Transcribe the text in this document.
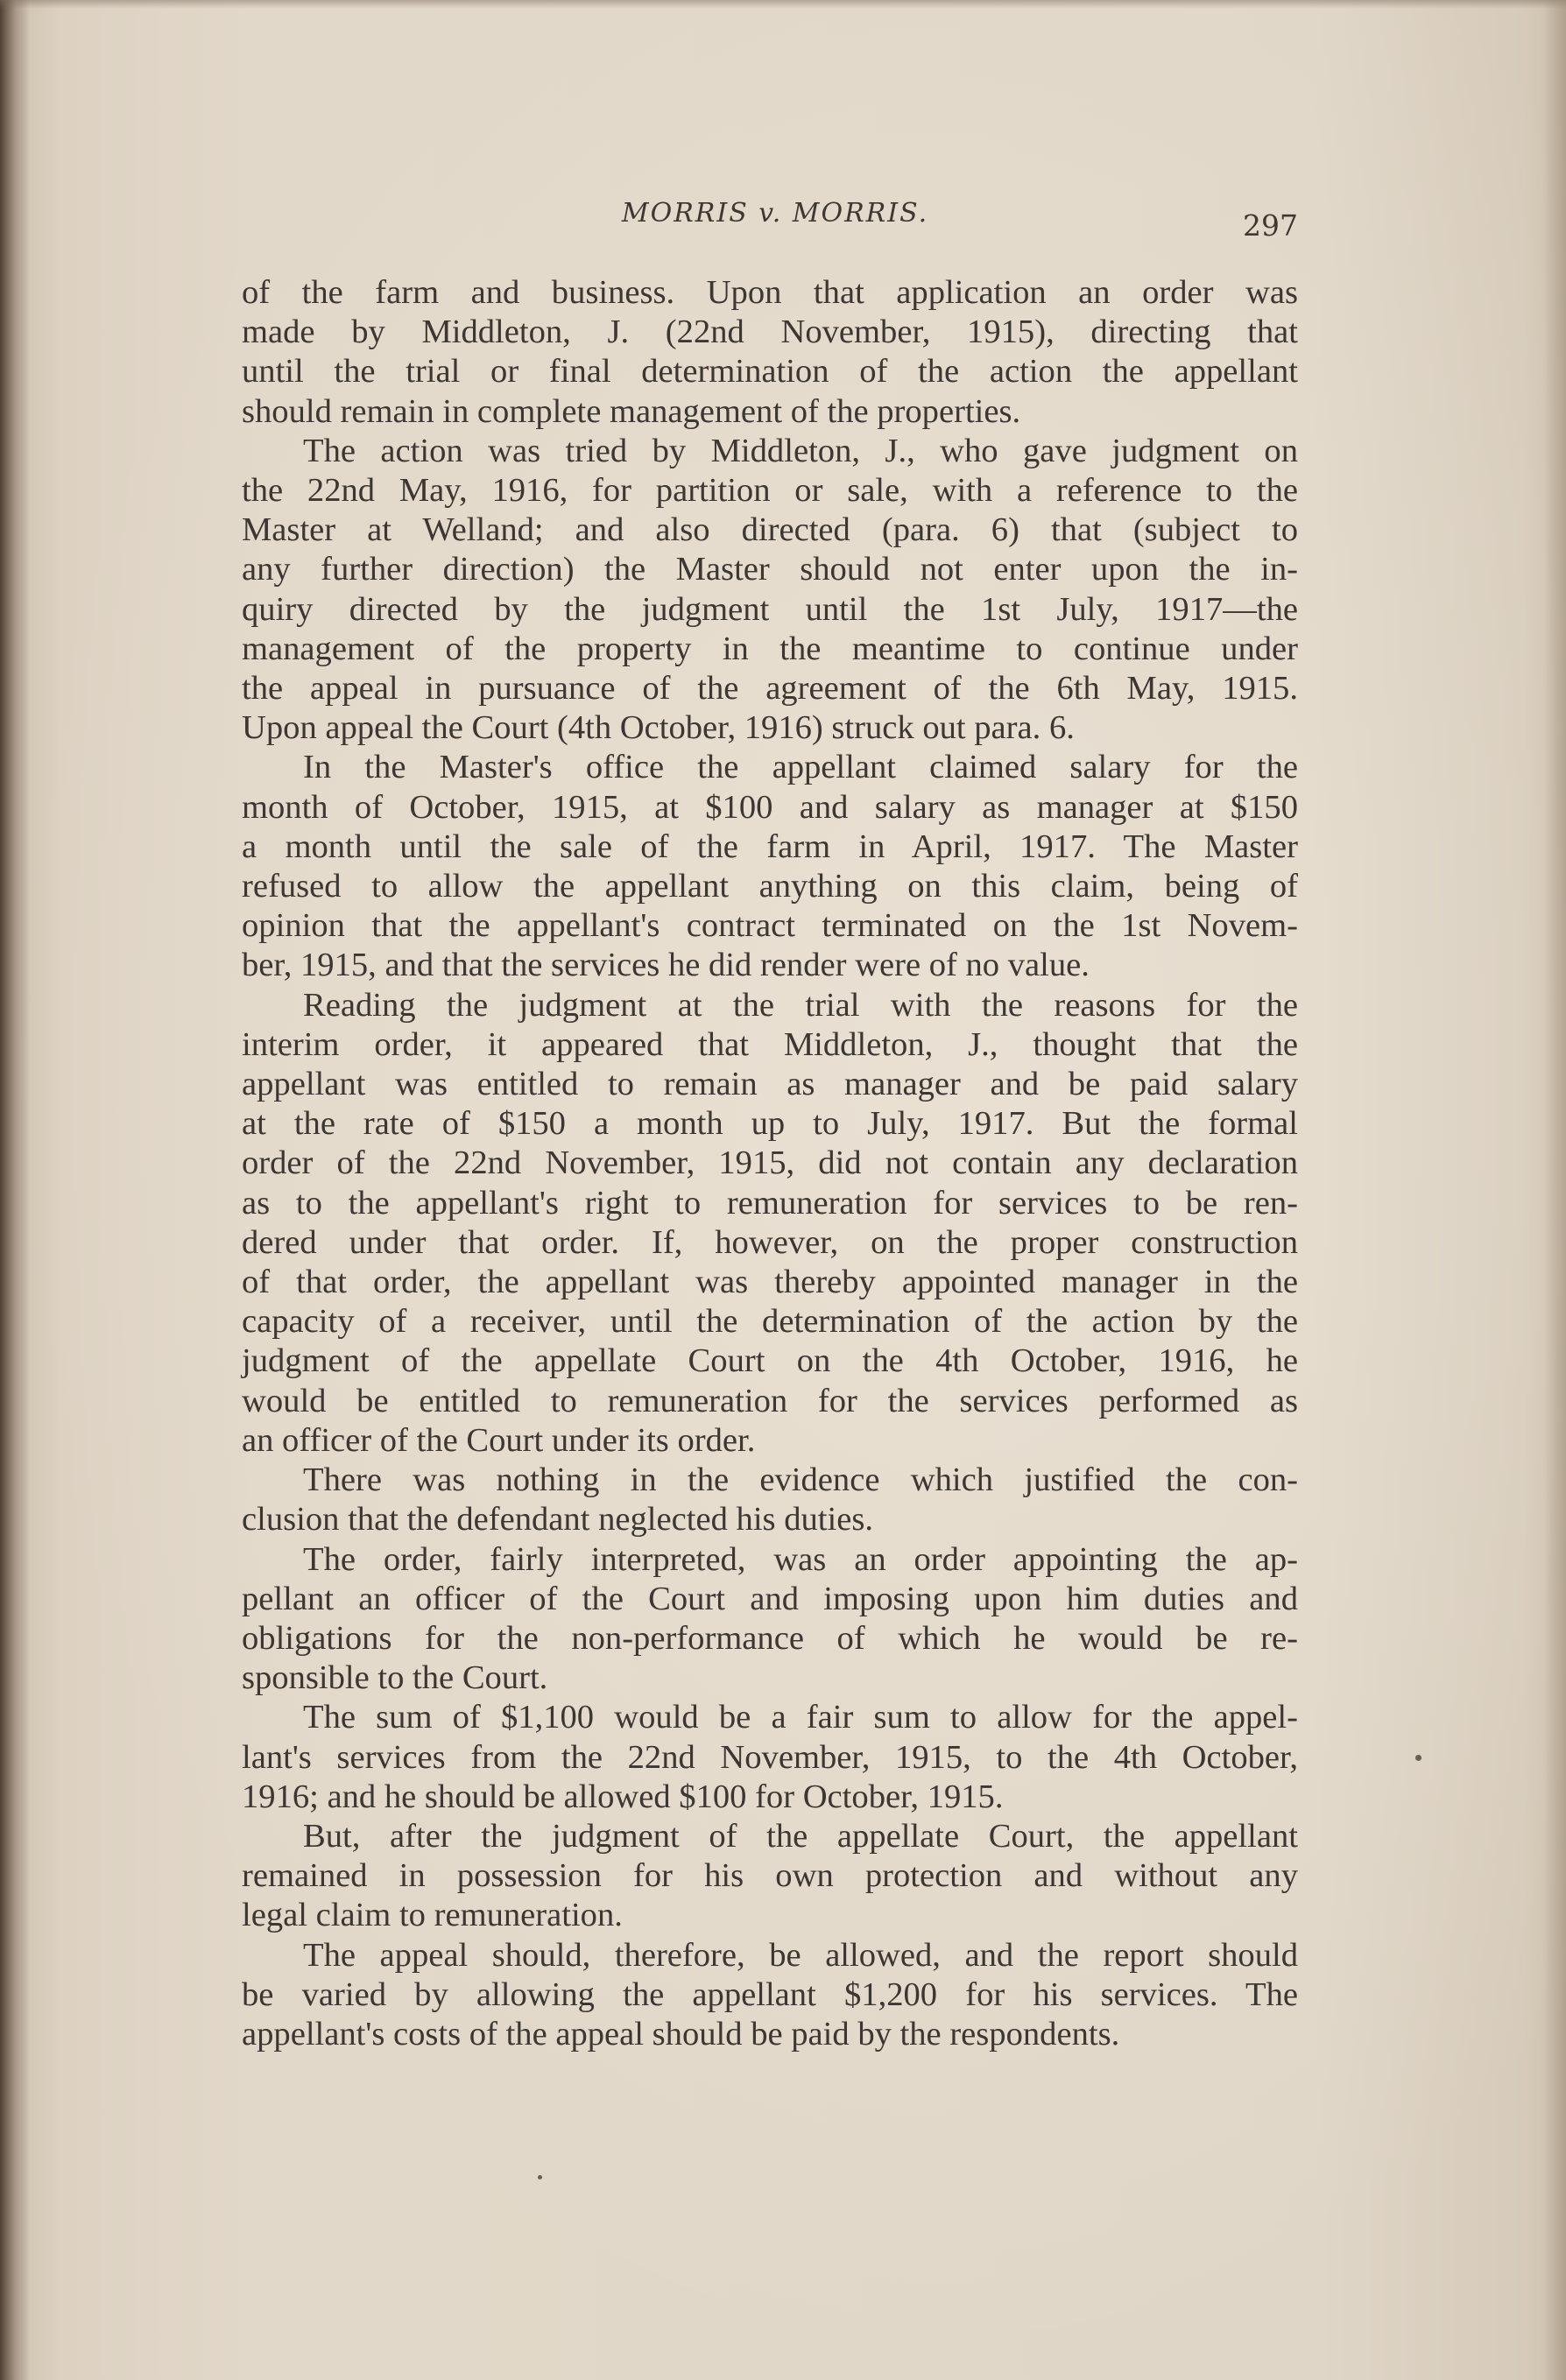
MORRIS v. MORRIS.	297
of the farm and business. Upon that application an order was
made by Middleton, J. (22nd November, 1915), directing that
until the trial or final determination of the action the appellant
should remain in complete management of the properties.
The action was tried by Middleton, J., who gave judgment on
the 22nd May, 1916, for partition or sale, with a reference to the
Master at Welland; and also directed (para. 6) that (subject to
any further direction) the Master should not enter upon the in-
quiry directed by the judgment until the 1st July, 1917—the
management of the property in the meantime to continue under
the appeal in pursuance of the agreement of the 6th May, 1915.
Upon appeal the Court (4th October, 1916) struck out para. 6.
In the Master's office the appellant claimed salary for the
month of October, 1915, at $100 and salary as manager at $150
a month until the sale of the farm in April, 1917. The Master
refused to allow the appellant anything on this claim, being of
opinion that the appellant's contract terminated on the 1st Novem-
ber, 1915, and that the services he did render were of no value.
Reading the judgment at the trial with the reasons for the
interim order, it appeared that Middleton, J., thought that the
appellant was entitled to remain as manager and be paid salary
at the rate of $150 a month up to July, 1917. But the formal
order of the 22nd November, 1915, did not contain any declaration
as to the appellant's right to remuneration for services to be ren-
dered under that order. If, however, on the proper construction
of that order, the appellant was thereby appointed manager in the
capacity of a receiver, until the determination of the action by the
judgment of the appellate Court on the 4th October, 1916, he
would be entitled to remuneration for the services performed as
an officer of the Court under its order.
There was nothing in the evidence which justified the con-
clusion that the defendant neglected his duties.
The order, fairly interpreted, was an order appointing the ap-
pellant an officer of the Court and imposing upon him duties and
obligations for the non-performance of which he would be re-
sponsible to the Court.
The sum of $1,100 would be a fair sum to allow for the appel-
lant's services from the 22nd November, 1915, to the 4th October,
1916; and he should be allowed $100 for October, 1915.
But, after the judgment of the appellate Court, the appellant
remained in possession for his own protection and without any
legal claim to remuneration.
The appeal should, therefore, be allowed, and the report should
be varied by allowing the appellant $1,200 for his services. The
appellant's costs of the appeal should be paid by the respondents.
